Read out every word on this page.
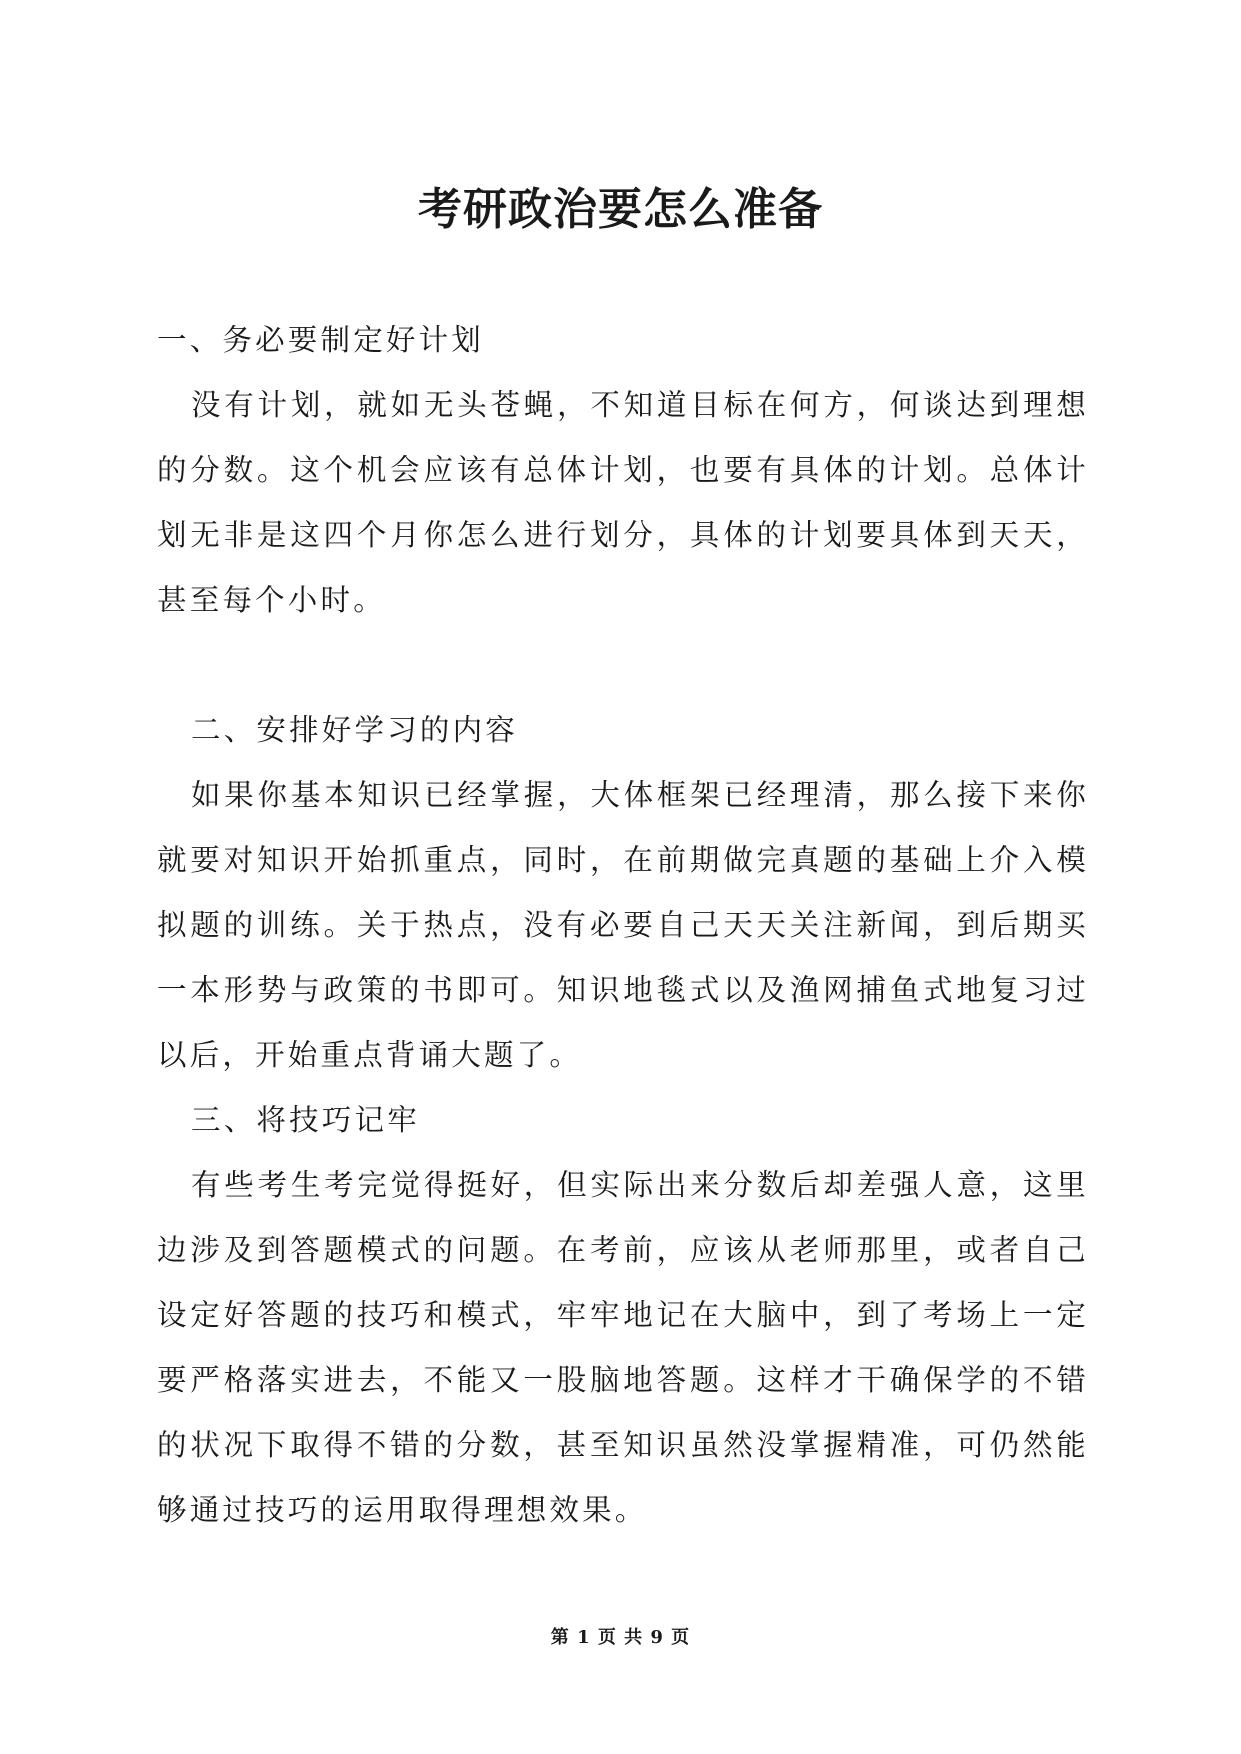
考研政治要怎么准备
一、务必要制定好计划
没有计划，就如无头苍蝇，不知道目标在何方，何谈达到理想的分数。这个机会应该有总体计划，也要有具体的计划。总体计划无非是这四个月你怎么进行划分，具体的计划要具体到天天，甚至每个小时。
二、安排好学习的内容
如果你基本知识已经掌握，大体框架已经理清，那么接下来你就要对知识开始抓重点，同时，在前期做完真题的基础上介入模拟题的训练。关于热点，没有必要自己天天关注新闻，到后期买一本形势与政策的书即可。知识地毯式以及渔网捕鱼式地复习过以后，开始重点背诵大题了。
三、将技巧记牢
有些考生考完觉得挺好，但实际出来分数后却差强人意，这里边涉及到答题模式的问题。在考前，应该从老师那里，或者自己设定好答题的技巧和模式，牢牢地记在大脑中，到了考场上一定要严格落实进去，不能又一股脑地答题。这样才干确保学的不错的状况下取得不错的分数，甚至知识虽然没掌握精准，可仍然能够通过技巧的运用取得理想效果。
第 1 页 共 9 页
